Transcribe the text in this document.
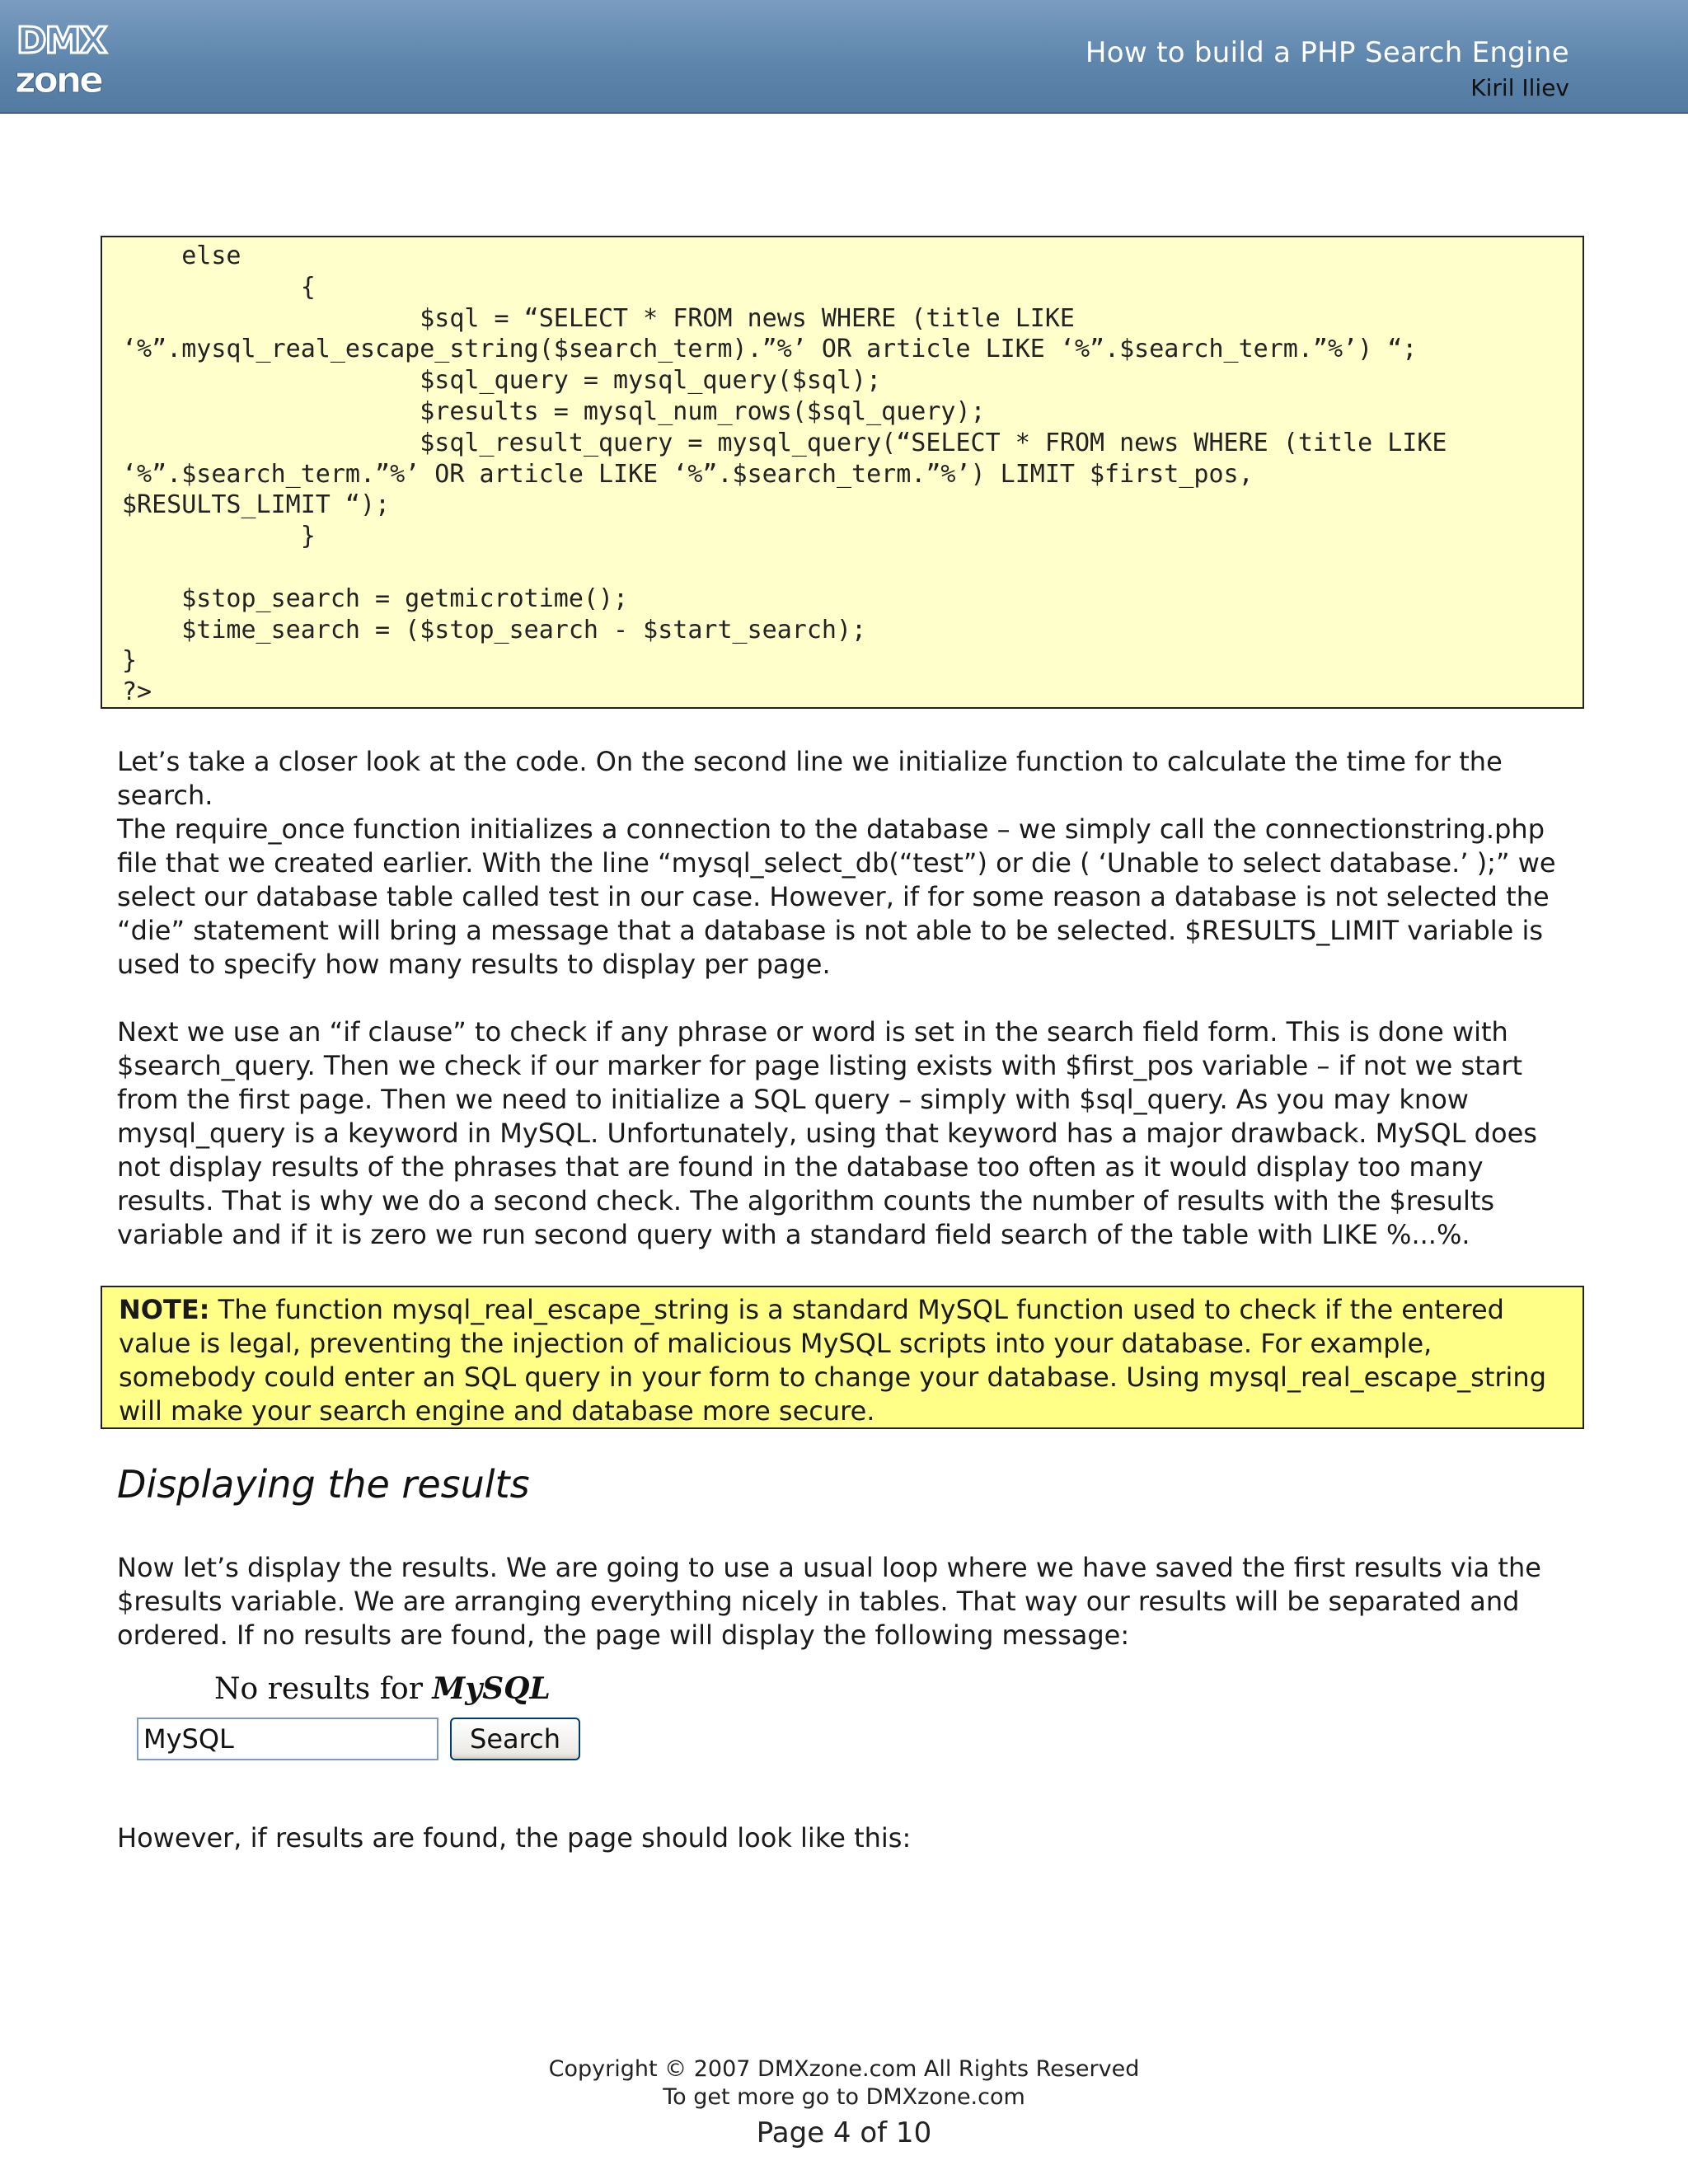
DMX
zone
How to build a PHP Search Engine
Kiril Iliev
else
{
$sql = “SELECT * FROM news WHERE (title LIKE
‘%”.mysql_real_escape_string($search_term).”%’ OR article LIKE ‘%”.$search_term.”%’) “;
$sql_query = mysql_query($sql);
$results = mysql_num_rows($sql_query);
$sql_result_query = mysql_query(“SELECT * FROM news WHERE (title LIKE
‘%”.$search_term.”%’ OR article LIKE ‘%”.$search_term.”%’) LIMIT $first_pos,
$RESULTS_LIMIT “);
}

$stop_search = getmicrotime();
$time_search = ($stop_search - $start_search);
}
?>

Let’s take a closer look at the code. On the second line we initialize function to calculate the time for the search.

The require_once function initializes a connection to the database – we simply call the connectionstring.php file that we created earlier. With the line “mysql_select_db(“test”) or die ( ‘Unable to select database.’ );” we select our database table called test in our case. However, if for some reason a database is not selected the “die” statement will bring a message that a database is not able to be selected. $RESULTS_LIMIT variable is used to specify how many results to display per page.

Next we use an “if clause” to check if any phrase or word is set in the search field form. This is done with $search_query. Then we check if our marker for page listing exists with $first_pos variable – if not we start from the first page. Then we need to initialize a SQL query – simply with $sql_query. As you may know mysql_query is a keyword in MySQL. Unfortunately, using that keyword has a major drawback. MySQL does not display results of the phrases that are found in the database too often as it would display too many results. That is why we do a second check. The algorithm counts the number of results with the $results variable and if it is zero we run second query with a standard field search of the table with LIKE %...%.

NOTE: The function mysql_real_escape_string is a standard MySQL function used to check if the entered value is legal, preventing the injection of malicious MySQL scripts into your database. For example, somebody could enter an SQL query in your form to change your database. Using mysql_real_escape_string will make your search engine and database more secure.
Displaying the results

Now let’s display the results. We are going to use a usual loop where we have saved the first results via the $results variable. We are arranging everything nicely in tables. That way our results will be separated and ordered. If no results are found, the page will display the following message:

No results for MySQL
MySQL
Search

However, if results are found, the page should look like this:

Copyright © 2007 DMXzone.com All Rights Reserved
To get more go to DMXzone.com
Page 4 of 10
